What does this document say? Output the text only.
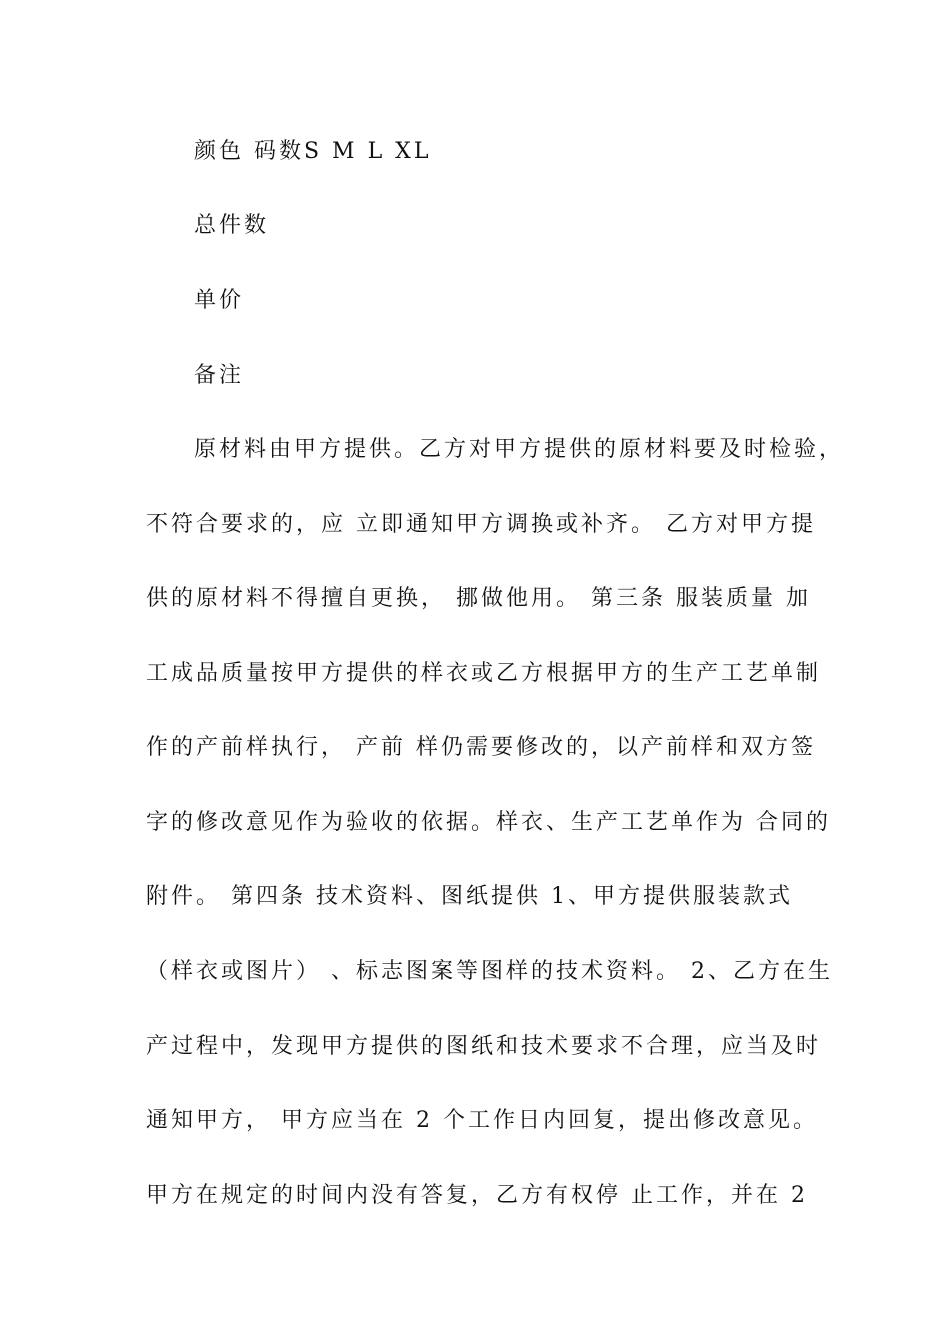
颜色 码数S M L XL
总件数
单价
备注
原材料由甲方提供。乙方对甲方提供的原材料要及时检验，
不符合要求的，应 立即通知甲方调换或补齐。 乙方对甲方提
供的原材料不得擅自更换， 挪做他用。 第三条 服装质量 加
工成品质量按甲方提供的样衣或乙方根据甲方的生产工艺单制
作的产前样执行， 产前 样仍需要修改的，以产前样和双方签
字的修改意见作为验收的依据。样衣、生产工艺单作为 合同的
附件。 第四条 技术资料、图纸提供 1、甲方提供服装款式
（样衣或图片） 、标志图案等图样的技术资料。 2、乙方在生
产过程中，发现甲方提供的图纸和技术要求不合理，应当及时
通知甲方， 甲方应当在 2 个工作日内回复，提出修改意见。
甲方在规定的时间内没有答复，乙方有权停 止工作，并在 2
